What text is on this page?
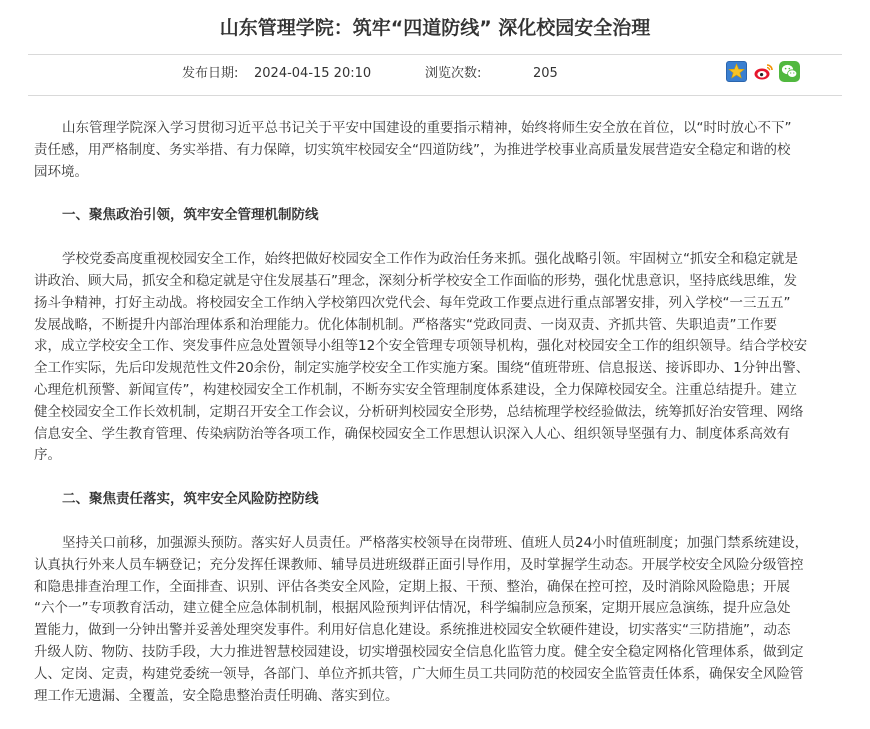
山东管理学院：筑牢“四道防线” 深化校园安全治理
发布日期: 2024-04-15 20:10	浏览次数:	205

山东管理学院深入学习贯彻习近平总书记关于平安中国建设的重要指示精神，始终将师生安全放在首位，以“时时放心不下”
责任感，用严格制度、务实举措、有力保障，切实筑牢校园安全“四道防线”，为推进学校事业高质量发展营造安全稳定和谐的校
园环境。

一、聚焦政治引领，筑牢安全管理机制防线

学校党委高度重视校园安全工作，始终把做好校园安全工作作为政治任务来抓。强化战略引领。牢固树立“抓安全和稳定就是
讲政治、顾大局，抓安全和稳定就是守住发展基石”理念，深刻分析学校安全工作面临的形势，强化忧患意识，坚持底线思维，发
扬斗争精神，打好主动战。将校园安全工作纳入学校第四次党代会、每年党政工作要点进行重点部署安排，列入学校“一三五五”
发展战略，不断提升内部治理体系和治理能力。优化体制机制。严格落实“党政同责、一岗双责、齐抓共管、失职追责”工作要
求，成立学校安全工作、突发事件应急处置领导小组等12个安全管理专项领导机构，强化对校园安全工作的组织领导。结合学校安
全工作实际，先后印发规范性文件20余份，制定实施学校安全工作实施方案。围绕“值班带班、信息报送、接诉即办、1分钟出警、
心理危机预警、新闻宣传”，构建校园安全工作机制，不断夯实安全管理制度体系建设，全力保障校园安全。注重总结提升。建立
健全校园安全工作长效机制，定期召开安全工作会议，分析研判校园安全形势，总结梳理学校经验做法，统筹抓好治安管理、网络
信息安全、学生教育管理、传染病防治等各项工作，确保校园安全工作思想认识深入人心、组织领导坚强有力、制度体系高效有
序。

二、聚焦责任落实，筑牢安全风险防控防线

坚持关口前移，加强源头预防。落实好人员责任。严格落实校领导在岗带班、值班人员24小时值班制度；加强门禁系统建设，
认真执行外来人员车辆登记；充分发挥任课教师、辅导员进班级群正面引导作用，及时掌握学生动态。开展学校安全风险分级管控
和隐患排查治理工作，全面排查、识别、评估各类安全风险，定期上报、干预、整治，确保在控可控，及时消除风险隐患；开展
“六个一”专项教育活动，建立健全应急体制机制，根据风险预判评估情况，科学编制应急预案，定期开展应急演练，提升应急处
置能力，做到一分钟出警并妥善处理突发事件。利用好信息化建设。系统推进校园安全软硬件建设，切实落实“三防措施”，动态
升级人防、物防、技防手段，大力推进智慧校园建设，切实增强校园安全信息化监管力度。健全安全稳定网格化管理体系，做到定
人、定岗、定责，构建党委统一领导，各部门、单位齐抓共管，广大师生员工共同防范的校园安全监管责任体系，确保安全风险管
理工作无遗漏、全覆盖，安全隐患整治责任明确、落实到位。
